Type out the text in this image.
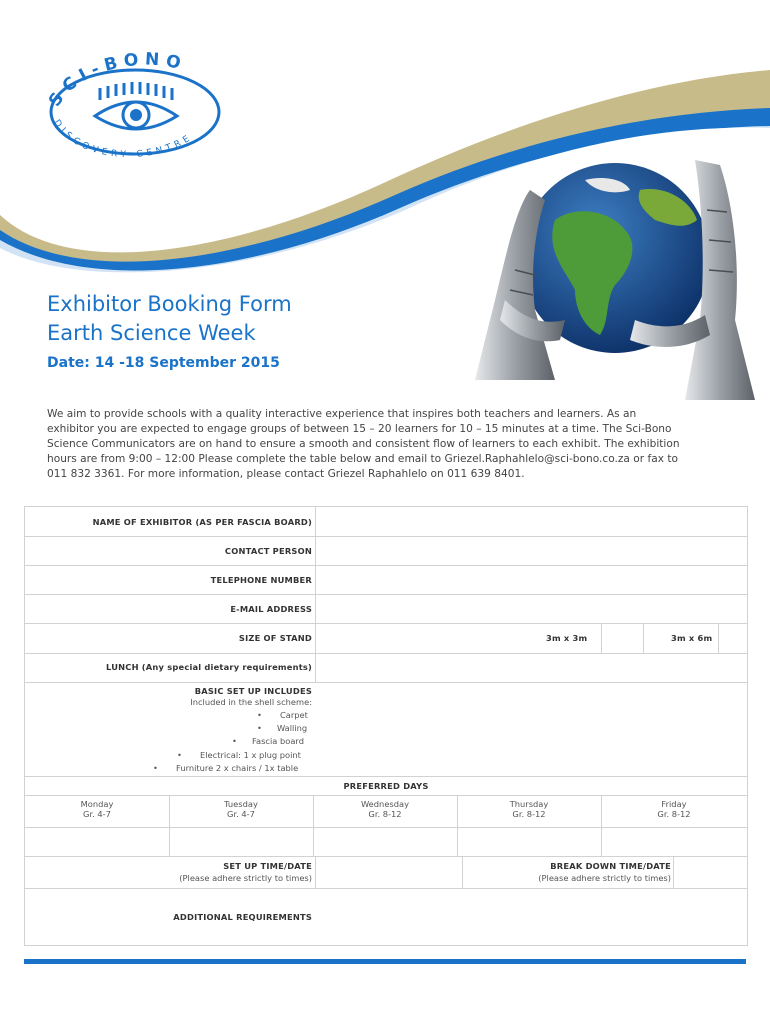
SCI-BONO
DISCOVERY CENTRE
Exhibitor Booking Form
Earth Science Week
Date: 14 -18 September 2015
We aim to provide schools with a quality interactive experience that inspires both teachers and learners. As an
exhibitor you are expected to engage groups of between 15 – 20 learners for 10 – 15 minutes at a time. The Sci-Bono
Science Communicators are on hand to ensure a smooth and consistent flow of learners to each exhibit. The exhibition
hours are from 9:00 – 12:00 Please complete the table below and email to Griezel.Raphahlelo@sci-bono.co.za or fax to
011 832 3361. For more information, please contact Griezel Raphahlelo on 011 639 8401.
NAME OF EXHIBITOR (AS PER FASCIA BOARD)
CONTACT PERSON
TELEPHONE NUMBER
E-MAIL ADDRESS
SIZE OF STAND	3m x 3m	3m x 6m
LUNCH (Any special dietary requirements)
BASIC SET UP INCLUDES
Included in the shell scheme:
• Carpet
• Walling
• Fascia board
• Electrical: 1 x plug point
• Furniture 2 x chairs / 1x table
PREFERRED DAYS
Monday
Gr. 4-7
Tuesday
Gr. 4-7
Wednesday
Gr. 8-12
Thursday
Gr. 8-12
Friday
Gr. 8-12
SET UP TIME/DATE
(Please adhere strictly to times)
BREAK DOWN TIME/DATE
(Please adhere strictly to times)
ADDITIONAL REQUIREMENTS
